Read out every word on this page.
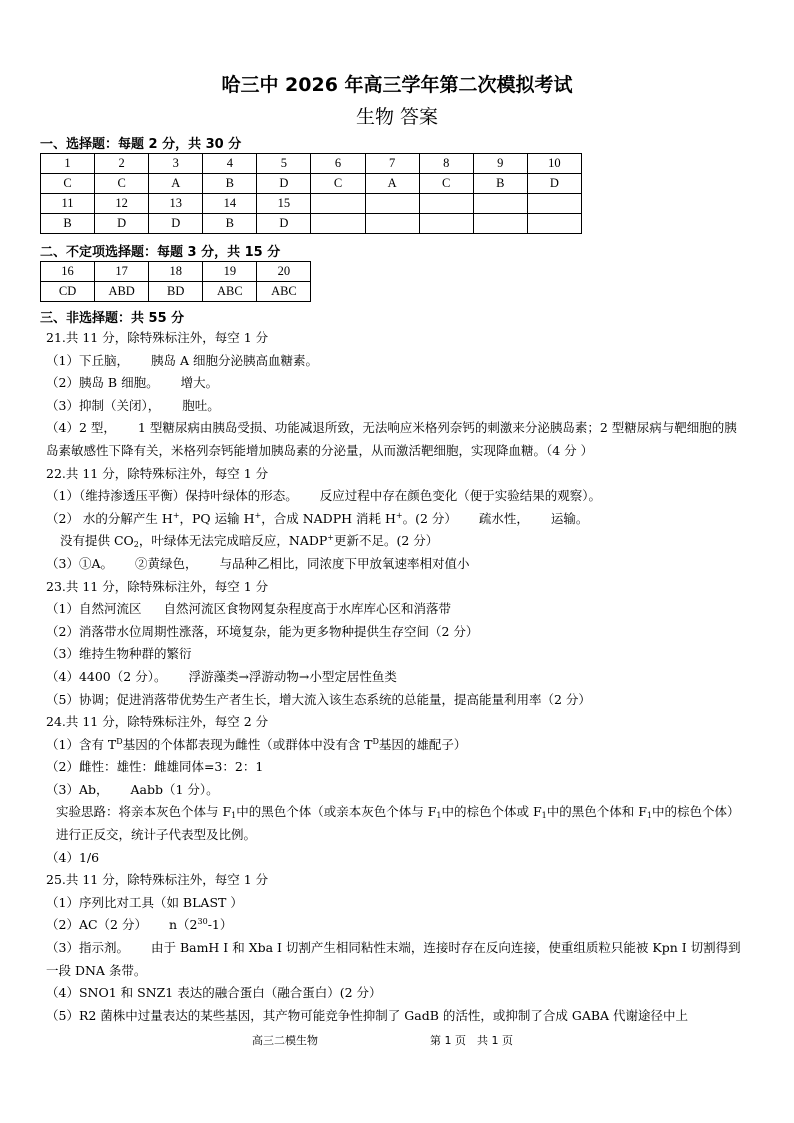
哈三中 2026 年高三学年第二次模拟考试
生物 答案
一、选择题：每题 2 分，共 30 分
1	2	3	4	5	6	7	8	9	10
C	C	A	B	D	C	A	C	B	D
11	12	13	14	15					
B	D	D	B	D					
二、不定项选择题：每题 3 分，共 15 分
16	17	18	19	20
CD	ABD	BD	ABC	ABC
三、非选择题：共 55 分

21.共 11 分，除特殊标注外，每空 1 分

（1）下丘脑， 胰岛 A 细胞分泌胰高血糖素。

（2）胰岛 B 细胞。 增大。

（3）抑制（关闭）， 胞吐。

（4）2 型， 1 型糖尿病由胰岛受损、功能减退所致，无法响应米格列奈钙的刺激来分泌胰岛素；2 型糖尿病与靶细胞的胰岛素敏感性下降有关，米格列奈钙能增加胰岛素的分泌量，从而激活靶细胞，实现降血糖。（4 分 ）

22.共 11 分，除特殊标注外，每空 1 分

（1）（维持渗透压平衡）保持叶绿体的形态。 反应过程中存在颜色变化（便于实验结果的观察）。

（2） 水的分解产生 H+，PQ 运输 H+，合成 NADPH 消耗 H+。(2 分） 疏水性， 运输。

没有提供 $CO_2$，叶绿体无法完成暗反应，NADP+更新不足。(2 分）

（3）①A。 ②黄绿色， 与品种乙相比，同浓度下甲放氧速率相对值小

23.共 11 分，除特殊标注外，每空 1 分

（1）自然河流区 自然河流区食物网复杂程度高于水库库心区和消落带

（2）消落带水位周期性涨落，环境复杂，能为更多物种提供生存空间（2 分）

（3）维持生物种群的繁衍

（4）4400（2 分）。 浮游藻类→浮游动物→小型定居性鱼类

（5）协调；促进消落带优势生产者生长，增大流入该生态系统的总能量，提高能量利用率（2 分）

24.共 11 分，除特殊标注外，每空 2 分

（1）含有 $T^D$基因的个体都表现为雌性（或群体中没有含 $T^D$基因的雄配子）

（2）雌性：雄性：雌雄同体=3：2：1

（3）Ab， Aabb（1 分）。

实验思路：将亲本灰色个体与 $F_1$中的黑色个体（或亲本灰色个体与 $F_1$中的棕色个体或 $F_1$中的黑色个体和 $F_1$中的棕色个体）进行正反交，统计子代表型及比例。

（4）1/6

25.共 11 分，除特殊标注外，每空 1 分

（1）序列比对工具（如 BLAST ）

（2）AC（2 分） $n(2^{30}-1)$

（3）指示剂。 由于 BamH Ⅰ 和 Xba Ⅰ 切割产生相同粘性末端，连接时存在反向连接，使重组质粒只能被 Kpn Ⅰ 切割得到一段 DNA 条带。

（4）SNO1 和 SNZ1 表达的融合蛋白（融合蛋白）(2 分）

（5）R2 菌株中过量表达的某些基因，其产物可能竞争性抑制了 GadB 的活性，或抑制了合成 GABA 代谢途径中上

高三二模生物	第 1 页　共 1 页
